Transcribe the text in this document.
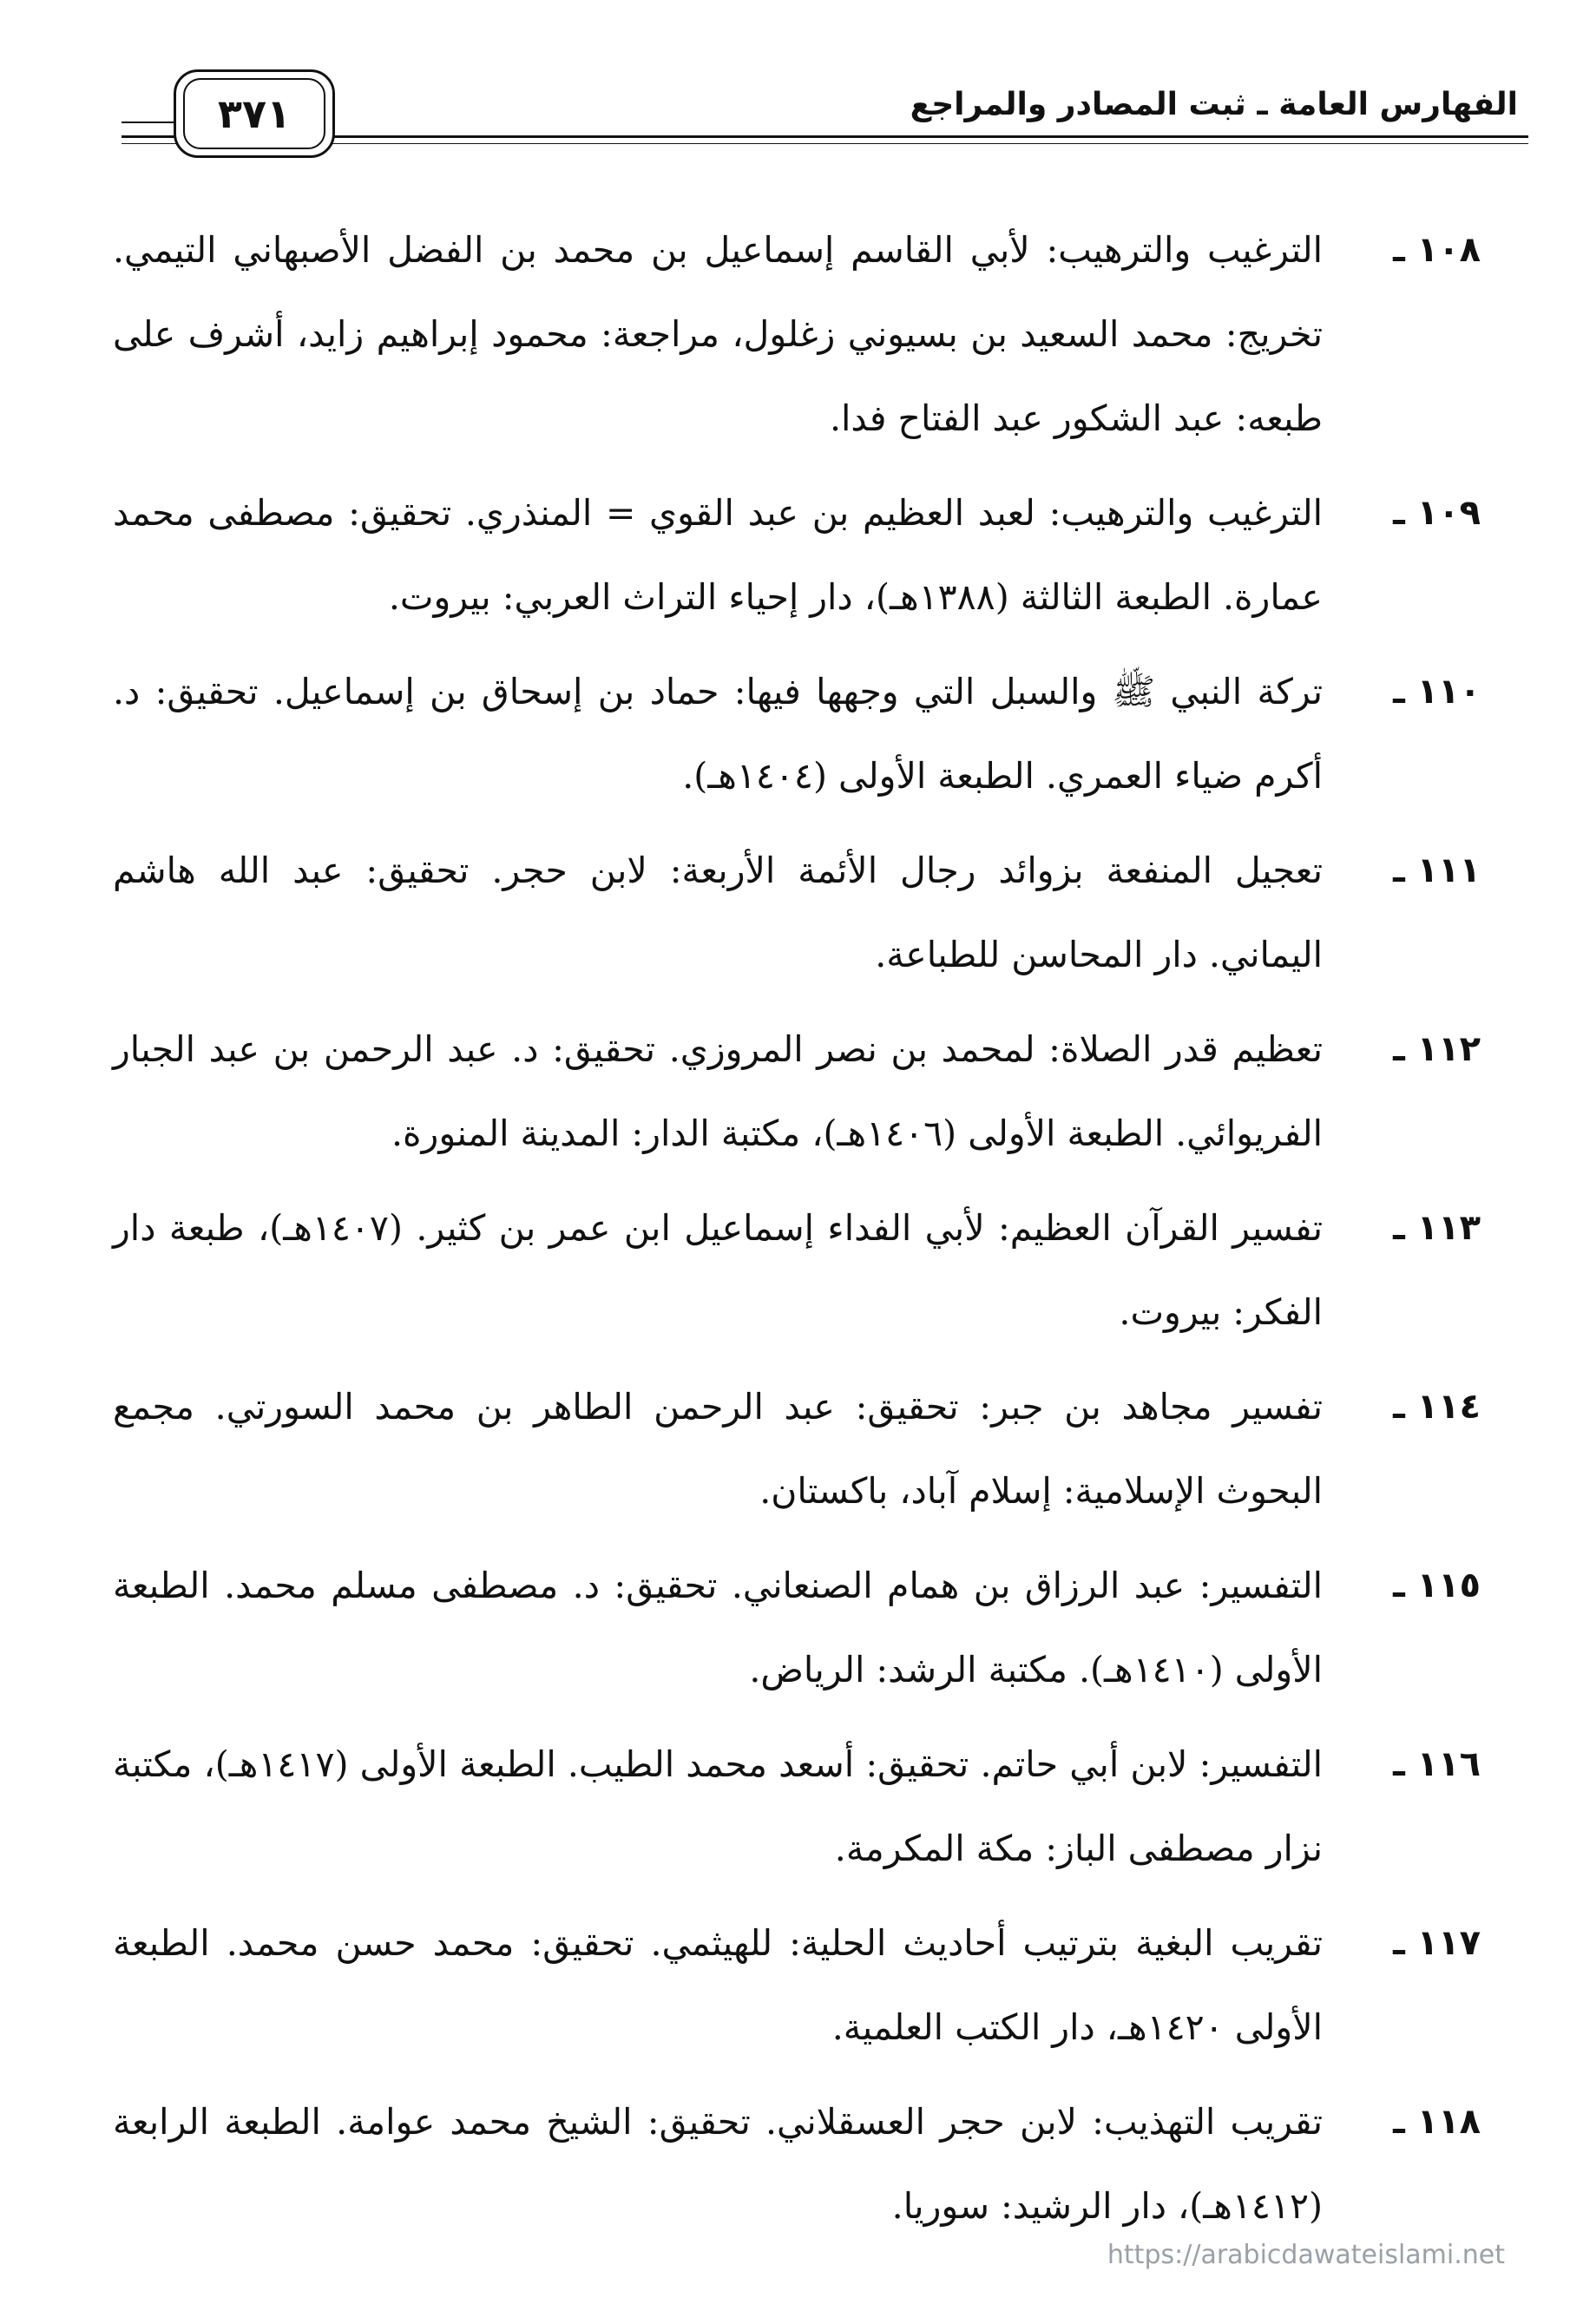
الفهارس العامة ـ ثبت المصادر والمراجع
٣٧١
١٠٨ ـ
الترغيب والترهيب: لأبي القاسم إسماعيل بن محمد بن الفضل الأصبهاني التيمي. تخريج: محمد السعيد بن بسيوني زغلول، مراجعة: محمود إبراهيم زايد، أشرف على طبعه: عبد الشكور عبد الفتاح فدا.
١٠٩ ـ
الترغيب والترهيب: لعبد العظيم بن عبد القوي = المنذري. تحقيق: مصطفى محمد عمارة. الطبعة الثالثة (١٣٨٨هـ)، دار إحياء التراث العربي: بيروت.
١١٠ ـ
تركة النبي ﷺ والسبل التي وجهها فيها: حماد بن إسحاق بن إسماعيل. تحقيق: د. أكرم ضياء العمري. الطبعة الأولى (١٤٠٤هـ).
١١١ ـ
تعجيل المنفعة بزوائد رجال الأئمة الأربعة: لابن حجر. تحقيق: عبد الله هاشم اليماني. دار المحاسن للطباعة.
١١٢ ـ
تعظيم قدر الصلاة: لمحمد بن نصر المروزي. تحقيق: د. عبد الرحمن بن عبد الجبار الفريوائي. الطبعة الأولى (١٤٠٦هـ)، مكتبة الدار: المدينة المنورة.
١١٣ ـ
تفسير القرآن العظيم: لأبي الفداء إسماعيل ابن عمر بن كثير. (١٤٠٧هـ)، طبعة دار الفكر: بيروت.
١١٤ ـ
تفسير مجاهد بن جبر: تحقيق: عبد الرحمن الطاهر بن محمد السورتي. مجمع البحوث الإسلامية: إسلام آباد، باكستان.
١١٥ ـ
التفسير: عبد الرزاق بن همام الصنعاني. تحقيق: د. مصطفى مسلم محمد. الطبعة الأولى (١٤١٠هـ). مكتبة الرشد: الرياض.
١١٦ ـ
التفسير: لابن أبي حاتم. تحقيق: أسعد محمد الطيب. الطبعة الأولى (١٤١٧هـ)، مكتبة نزار مصطفى الباز: مكة المكرمة.
١١٧ ـ
تقريب البغية بترتيب أحاديث الحلية: للهيثمي. تحقيق: محمد حسن محمد. الطبعة الأولى ١٤٢٠هـ، دار الكتب العلمية.
١١٨ ـ
تقريب التهذيب: لابن حجر العسقلاني. تحقيق: الشيخ محمد عوامة. الطبعة الرابعة (١٤١٢هـ)، دار الرشيد: سوريا.
https://arabicdawateislami.net
